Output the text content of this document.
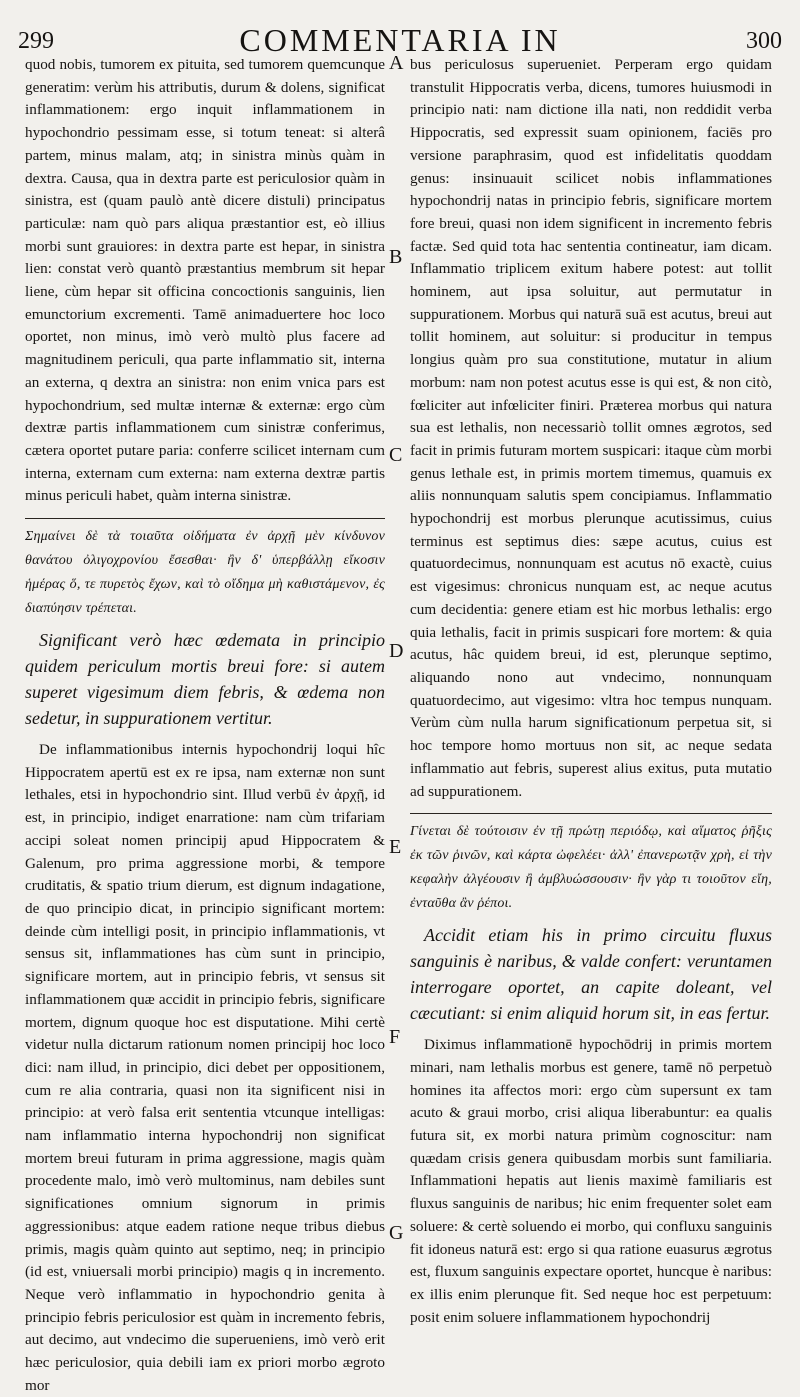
299	COMMENTARIA IN	300
A
B
C
D
E
F
G

quod nobis, tumorem ex pituita, sed tumorem quemcunque generatim: verùm his attributis, durum & dolens, significat inflammationem: ergo inquit inflammationem in hypochondrio pessimam esse, si totum teneat: si alterâ partem, minus malam, atq; in sinistra minùs quàm in dextra. Causa, qua in dextra parte est periculosior quàm in sinistra, est (quam paulò antè dicere distuli) principatus particulæ: nam quò pars aliqua præstantior est, eò illius morbi sunt grauiores: in dextra parte est hepar, in sinistra lien: constat verò quantò præstantius membrum sit hepar liene, cùm hepar sit officina concoctionis sanguinis, lien emunctorium excrementi. Tamē animaduertere hoc loco oportet, non minus, imò verò multò plus facere ad magnitudinem periculi, qua parte inflammatio sit, interna an externa, q dextra an sinistra: non enim vnica pars est hypochondrium, sed multæ internæ & externæ: ergo cùm dextræ partis inflammationem cum sinistræ conferimus, cætera oportet putare paria: conferre scilicet internam cum interna, externam cum externa: nam externa dextræ partis minus periculi habet, quàm interna sinistræ.

Σημαίνει δὲ τὰ τοιαῦτα οἰδήματα ἐν ἀρχῇ μὲν κίνδυνον θανάτου ὀλιγοχρονίου ἔσεσθαι· ἢν δ' ὑπερβάλλῃ εἴκοσιν ἡμέρας ὅ, τε πυρετὸς ἔχων, καὶ τὸ οἴδημα μὴ καθιστάμενον, ἐς διαπύησιν τρέπεται.

Significant verò hæc œdemata in principio quidem periculum mortis breui fore: si autem superet vigesimum diem febris, & œdema non sedetur, in suppurationem vertitur.

De inflammationibus internis hypochondrij loqui hîc Hippocratem apertū est ex re ipsa, nam externæ non sunt lethales, etsi in hypochondrio sint. Illud verbū ἐν ἀρχῇ, id est, in principio, indiget enarratione: nam cùm trifariam accipi soleat nomen principij apud Hippocratem & Galenum, pro prima aggressione morbi, & tempore cruditatis, & spatio trium dierum, est dignum indagatione, de quo principio dicat, in principio significant mortem: deinde cùm intelligi posit, in principio inflammationis, vt sensus sit, inflammationes has cùm sunt in principio, significare mortem, aut in principio febris, vt sensus sit inflammationem quæ accidit in principio febris, significare mortem, dignum quoque hoc est disputatione. Mihi certè videtur nulla dictarum rationum nomen principij hoc loco dici: nam illud, in principio, dici debet per oppositionem, cum re alia contraria, quasi non ita significent nisi in principio: at verò falsa erit sententia vtcunque intelligas: nam inflammatio interna hypochondrij non significat mortem breui futuram in prima aggressione, magis quàm procedente malo, imò verò multominus, nam debiles sunt significationes omnium signorum in primis aggressionibus: atque eadem ratione neque tribus diebus primis, magis quàm quinto aut septimo, neq; in principio (id est, vniuersali morbi principio) magis q in incremento. Neque verò inflammatio in hypochondrio genita à principio febris periculosior est quàm in incremento febris, aut decimo, aut vndecimo die superueniens, imò verò erit hæc periculosior, quia debili iam ex priori morbo ægroto mor

bus periculosus superueniet. Perperam ergo quidam transtulit Hippocratis verba, dicens, tumores huiusmodi in principio nati: nam dictione illa nati, non reddidit verba Hippocratis, sed expressit suam opinionem, faciēs pro versione paraphrasim, quod est infidelitatis quoddam genus: insinuauit scilicet nobis inflammationes hypochondrij natas in principio febris, significare mortem fore breui, quasi non idem significent in incremento febris factæ. Sed quid tota hac sententia contineatur, iam dicam. Inflammatio triplicem exitum habere potest: aut tollit hominem, aut ipsa soluitur, aut permutatur in suppurationem. Morbus qui naturā suā est acutus, breui aut tollit hominem, aut soluitur: si producitur in tempus longius quàm pro sua constitutione, mutatur in alium morbum: nam non potest acutus esse is qui est, & non citò, fœliciter aut infœliciter finiri. Præterea morbus qui natura sua est lethalis, non necessariò tollit omnes ægrotos, sed facit in primis futuram mortem suspicari: itaque cùm morbi genus lethale est, in primis mortem timemus, quamuis ex aliis nonnunquam salutis spem concipiamus. Inflammatio hypochondrij est morbus plerunque acutissimus, cuius terminus est septimus dies: sæpe acutus, cuius est quatuordecimus, nonnunquam est acutus nō exactè, cuius est vigesimus: chronicus nunquam est, ac neque acutus cum decidentia: genere etiam est hic morbus lethalis: ergo quia lethalis, facit in primis suspicari fore mortem: & quia acutus, hâc quidem breui, id est, plerunque septimo, aliquando nono aut vndecimo, nonnunquam quatuordecimo, aut vigesimo: vltra hoc tempus nunquam. Verùm cùm nulla harum significationum perpetua sit, si hoc tempore homo mortuus non sit, ac neque sedata inflammatio aut febris, superest alius exitus, puta mutatio ad suppurationem.

Γίνεται δὲ τούτοισιν ἐν τῇ πρώτῃ περιόδῳ, καὶ αἵματος ῥῆξις ἐκ τῶν ῥινῶν, καὶ κάρτα ὠφελέει· ἀλλ' ἐπανερωτᾷν χρὴ, εἰ τὴν κεφαλὴν ἀλγέουσιν ἢ ἀμβλυώσσουσιν· ἢν γὰρ τι τοιοῦτον εἴη, ἐνταῦθα ἂν ῥέποι.

Accidit etiam his in primo circuitu fluxus sanguinis è naribus, & valde confert: veruntamen interrogare oportet, an capite doleant, vel cæcutiant: si enim aliquid horum sit, in eas fertur.

Diximus inflammationē hypochōdrij in primis mortem minari, nam lethalis morbus est genere, tamē nō perpetuò homines ita affectos mori: ergo cùm supersunt ex tam acuto & graui morbo, crisi aliqua liberabuntur: ea qualis futura sit, ex morbi natura primùm cognoscitur: nam quædam crisis genera quibusdam morbis sunt familiaria. Inflammationi hepatis aut lienis maximè familiaris est fluxus sanguinis de naribus; hic enim frequenter solet eam soluere: & certè soluendo ei morbo, qui confluxu sanguinis fit idoneus naturā est: ergo si qua ratione euasurus ægrotus est, fluxum sanguinis expectare oportet, huncque è naribus: ex illis enim plerunque fit. Sed neque hoc est perpetuum: posit enim soluere inflammationem hypochondrij
